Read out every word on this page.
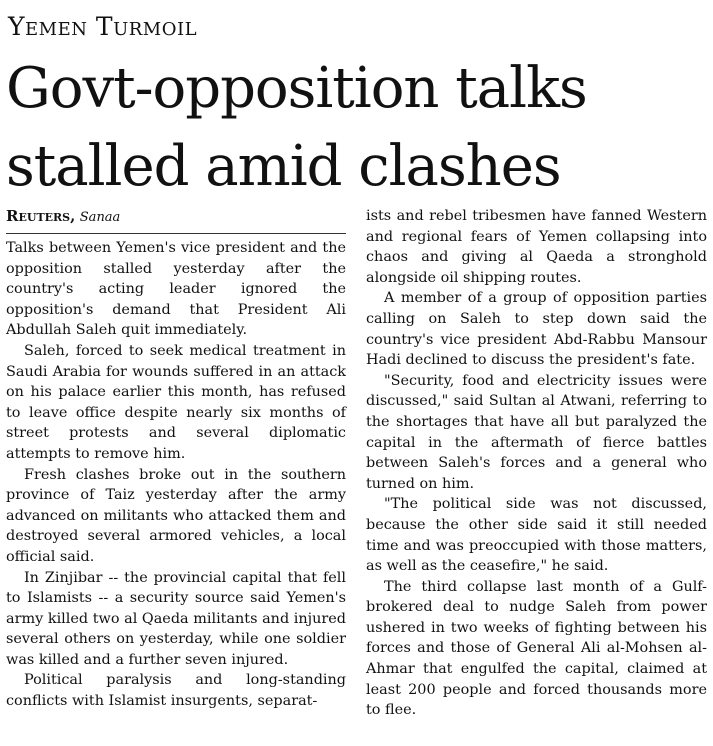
Yemen Turmoil
Govt-opposition talks
stalled amid clashes
Reuters, Sanaa

Talks between Yemen's vice president and the opposition stalled yesterday after the country's acting leader ignored the opposition's demand that President Ali Abdullah Saleh quit immediately.

Saleh, forced to seek medical treatment in Saudi Arabia for wounds suffered in an attack on his palace earlier this month, has refused to leave office despite nearly six months of street protests and several diplomatic attempts to remove him.

Fresh clashes broke out in the southern province of Taiz yesterday after the army advanced on militants who attacked them and destroyed several armored vehicles, a local official said.

In Zinjibar -- the provincial capital that fell to Islamists -- a security source said Yemen's army killed two al Qaeda militants and injured several others on yesterday, while one soldier was killed and a further seven injured.

Political paralysis and long-standing conflicts with Islamist insurgents, separat-

ists and rebel tribesmen have fanned Western and regional fears of Yemen collapsing into chaos and giving al Qaeda a stronghold alongside oil shipping routes.

A member of a group of opposition parties calling on Saleh to step down said the country's vice president Abd-Rabbu Mansour Hadi declined to discuss the president's fate.

"Security, food and electricity issues were discussed," said Sultan al Atwani, referring to the shortages that have all but paralyzed the capital in the aftermath of fierce battles between Saleh's forces and a general who turned on him.

"The political side was not discussed, because the other side said it still needed time and was preoccupied with those matters, as well as the ceasefire," he said.

The third collapse last month of a Gulf-brokered deal to nudge Saleh from power ushered in two weeks of fighting between his forces and those of General Ali al-Mohsen al-Ahmar that engulfed the capital, claimed at least 200 people and forced thousands more to flee.
